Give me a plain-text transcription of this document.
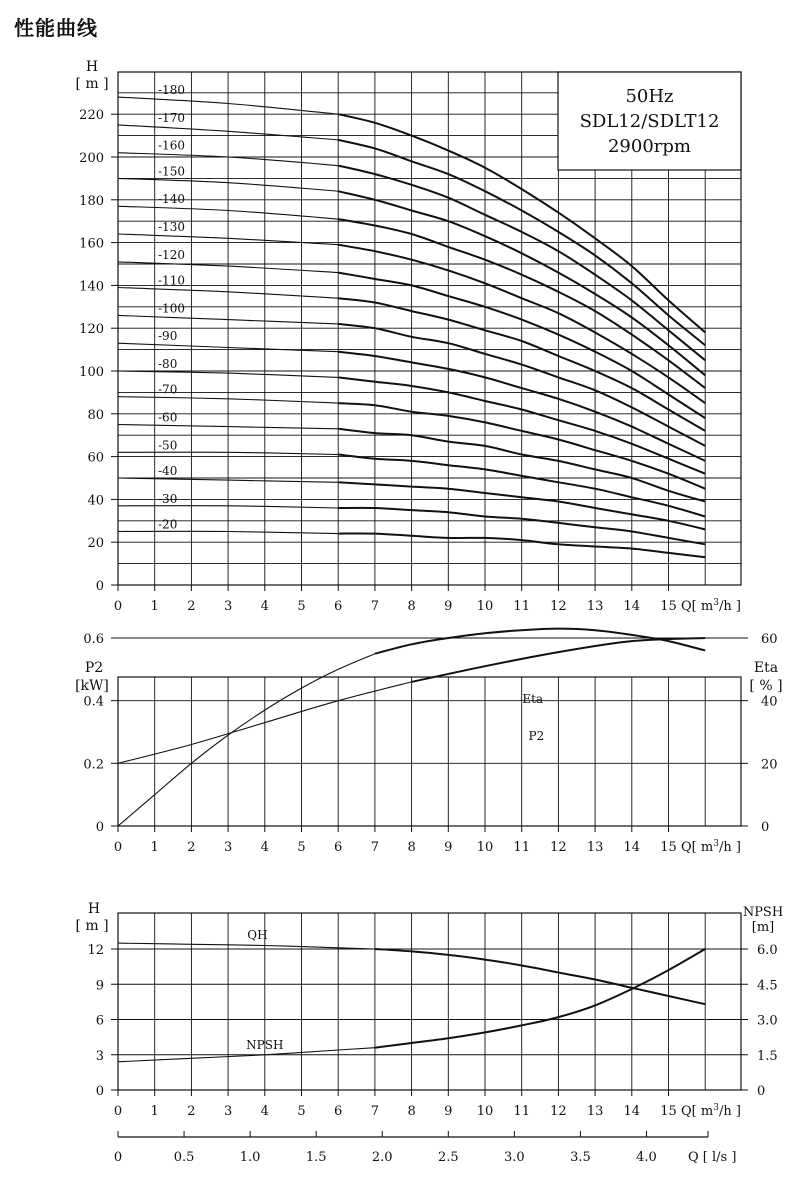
性能曲线
0
20
40
60
80
100
120
140
160
180
200
220
0 1 2 3 4 5 6 7 8 9 10 11 12 13 14 15
H
[ m ]
Q[ $m^3/h$ ]
50Hz
SDL12/SDLT12
2900rpm
-180
-170
-160
-150
-140
-130
-120
-110
-100
-90
-80
-70
-60
-50
-40
-30
-20
0
0.2
0.4
0.6
0
20
40
60
0 1 2 3 4 5 6 7 8 9 10 11 12 13 14 15
P2
[kW]
Eta
[ % ]
Q[ $m^3/h$ ]
Eta
P2
0
3
6
9
12
0
1.5
3.0
4.5
6.0
0 1 2 3 4 5 6 7 8 9 10 11 12 13 14 15
H
[ m ]
NPSH
[m]
Q[ $m^3/h$ ]
QH
NPSH
0	0.5	1.0	1.5	2.0	2.5	3.0	3.5	4.0 Q [ l/s ]
